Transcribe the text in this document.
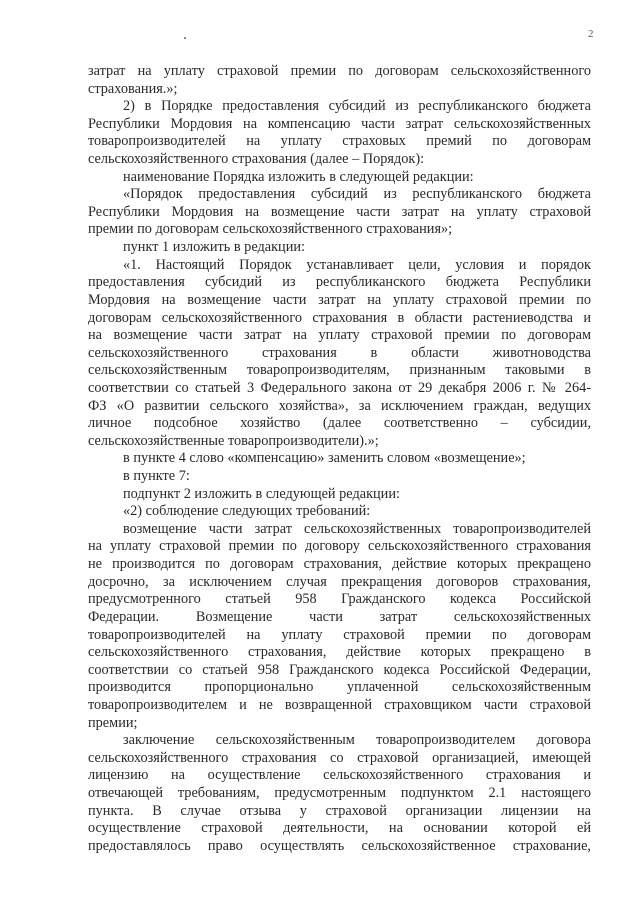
2
затрат на уплату страховой премии по договорам сельскохозяйственного
страхования.»;
2) в Порядке предоставления субсидий из республиканского бюджета
Республики Мордовия на компенсацию части затрат сельскохозяйственных
товаропроизводителей на уплату страховых премий по договорам
сельскохозяйственного страхования (далее – Порядок):
наименование Порядка изложить в следующей редакции:
«Порядок предоставления субсидий из республиканского бюджета
Республики Мордовия на возмещение части затрат на уплату страховой
премии по договорам сельскохозяйственного страхования»;
пункт 1 изложить в редакции:
«1. Настоящий Порядок устанавливает цели, условия и порядок
предоставления субсидий из республиканского бюджета Республики
Мордовия на возмещение части затрат на уплату страховой премии по
договорам сельскохозяйственного страхования в области растениеводства и
на возмещение части затрат на уплату страховой премии по договорам
сельскохозяйственного страхования в области животноводства
сельскохозяйственным товаропроизводителям, признанным таковыми в
соответствии со статьей 3 Федерального закона от 29 декабря 2006 г. № 264-
ФЗ «О развитии сельского хозяйства», за исключением граждан, ведущих
личное подсобное хозяйство (далее соответственно – субсидии,
сельскохозяйственные товаропроизводители).»;
в пункте 4 слово «компенсацию» заменить словом «возмещение»;
в пункте 7:
подпункт 2 изложить в следующей редакции:
«2) соблюдение следующих требований:
возмещение части затрат сельскохозяйственных товаропроизводителей
на уплату страховой премии по договору сельскохозяйственного страхования
не производится по договорам страхования, действие которых прекращено
досрочно, за исключением случая прекращения договоров страхования,
предусмотренного статьей 958 Гражданского кодекса Российской
Федерации. Возмещение части затрат сельскохозяйственных
товаропроизводителей на уплату страховой премии по договорам
сельскохозяйственного страхования, действие которых прекращено в
соответствии со статьей 958 Гражданского кодекса Российской Федерации,
производится пропорционально уплаченной сельскохозяйственным
товаропроизводителем и не возвращенной страховщиком части страховой
премии;
заключение сельскохозяйственным товаропроизводителем договора
сельскохозяйственного страхования со страховой организацией, имеющей
лицензию на осуществление сельскохозяйственного страхования и
отвечающей требованиям, предусмотренным подпунктом 2.1 настоящего
пункта. В случае отзыва у страховой организации лицензии на
осуществление страховой деятельности, на основании которой ей
предоставлялось право осуществлять сельскохозяйственное страхование,
